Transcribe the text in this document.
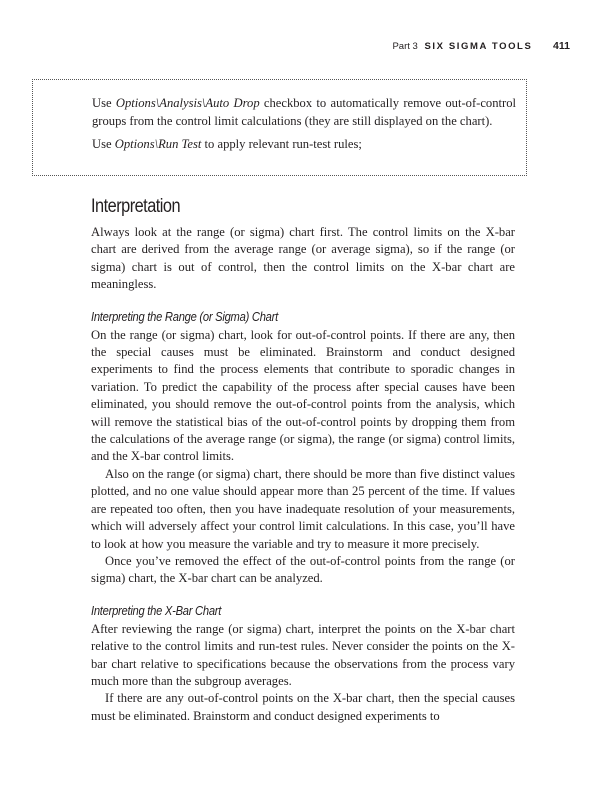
Part 3 SIX SIGMA TOOLS 411

Use Options\Analysis\Auto Drop checkbox to automatically remove out-of-control groups from the control limit calculations (they are still displayed on the chart).

Use Options\Run Test to apply relevant run-test rules;

Interpretation

Always look at the range (or sigma) chart first. The control limits on the X-bar chart are derived from the average range (or average sigma), so if the range (or sigma) chart is out of control, then the control limits on the X-bar chart are meaningless.

Interpreting the Range (or Sigma) Chart

On the range (or sigma) chart, look for out-of-control points. If there are any, then the special causes must be eliminated. Brainstorm and conduct designed experiments to find the process elements that contribute to sporadic changes in variation. To predict the capability of the process after special causes have been eliminated, you should remove the out-of-control points from the analysis, which will remove the statistical bias of the out-of-control points by dropping them from the calculations of the average range (or sigma), the range (or sigma) control limits, and the X-bar control limits.

Also on the range (or sigma) chart, there should be more than five distinct values plotted, and no one value should appear more than 25 percent of the time. If values are repeated too often, then you have inadequate resolution of your measurements, which will adversely affect your control limit calculations. In this case, you’ll have to look at how you measure the variable and try to measure it more precisely.

Once you’ve removed the effect of the out-of-control points from the range (or sigma) chart, the X-bar chart can be analyzed.

Interpreting the X-Bar Chart

After reviewing the range (or sigma) chart, interpret the points on the X-bar chart relative to the control limits and run-test rules. Never consider the points on the X-bar chart relative to specifications because the observations from the process vary much more than the subgroup averages.

If there are any out-of-control points on the X-bar chart, then the special causes must be eliminated. Brainstorm and conduct designed experiments to
